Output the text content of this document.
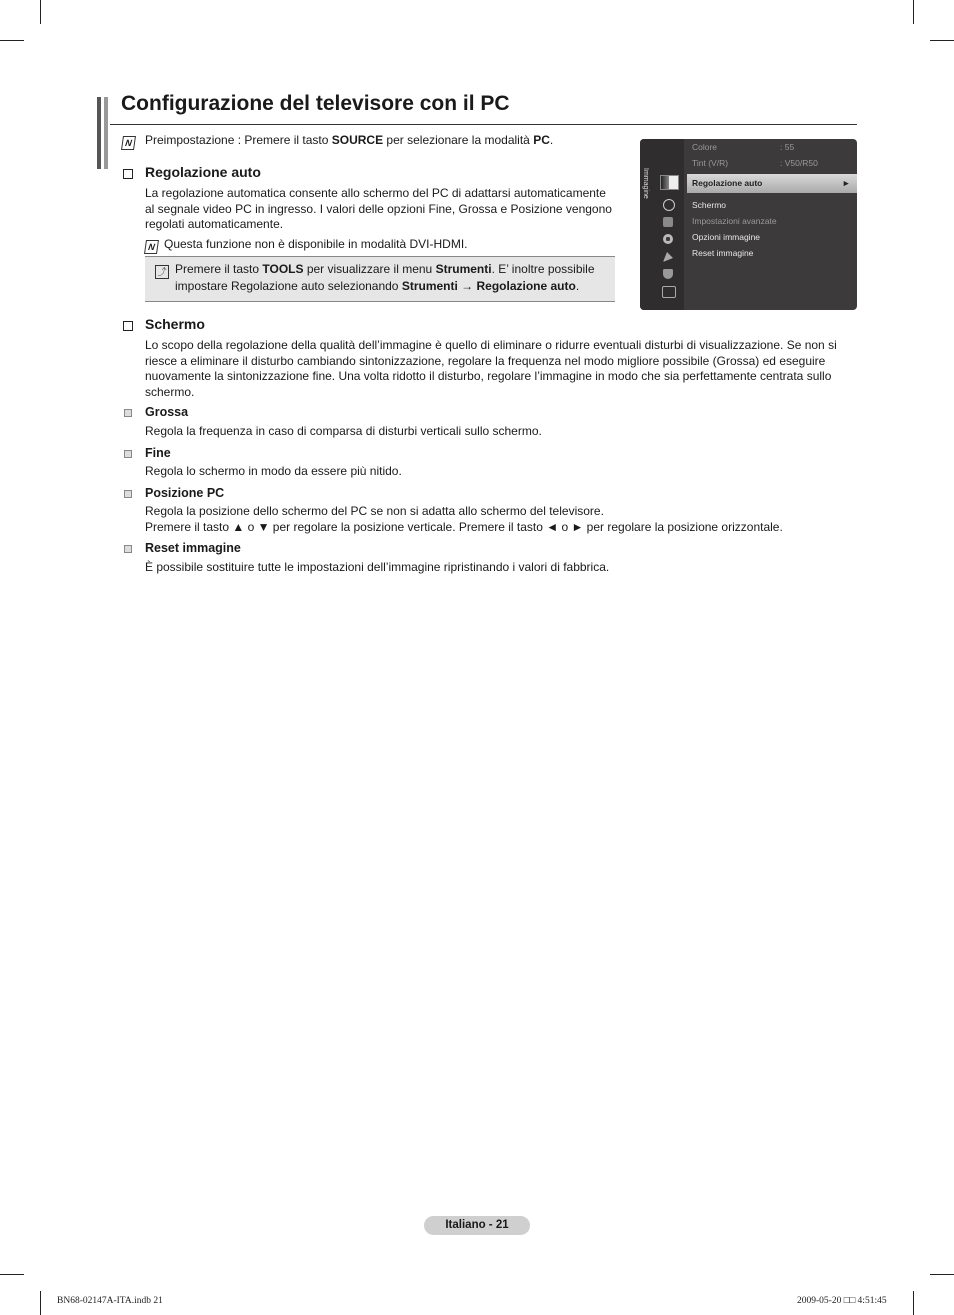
Configurazione del televisore con il PC
N Preimpostazione : Premere il tasto SOURCE per selezionare la modalità PC.
Regolazione auto
La regolazione automatica consente allo schermo del PC di adattarsi automaticamente
al segnale video PC in ingresso. I valori delle opzioni Fine, Grossa e Posizione vengono
regolati automaticamente.
N Questa funzione non è disponibile in modalità DVI-HDMI.
⤴ Premere il tasto TOOLS per visualizzare il menu Strumenti. E’ inoltre possibile
impostare Regolazione auto selezionando Strumenti → Regolazione auto.
Immagine
Colore	: 55
Tint (V/R)	: V50/R50
Regolazione auto	►
Schermo
Impostazioni avanzate
Opzioni immagine
Reset immagine
Schermo
Lo scopo della regolazione della qualità dell’immagine è quello di eliminare o ridurre eventuali disturbi di visualizzazione. Se non si
riesce a eliminare il disturbo cambiando sintonizzazione, regolare la frequenza nel modo migliore possibile (Grossa) ed eseguire
nuovamente la sintonizzazione fine. Una volta ridotto il disturbo, regolare l’immagine in modo che sia perfettamente centrata sullo
schermo.
Grossa
Regola la frequenza in caso di comparsa di disturbi verticali sullo schermo.
Fine
Regola lo schermo in modo da essere più nitido.
Posizione PC
Regola la posizione dello schermo del PC se non si adatta allo schermo del televisore.
Premere il tasto ▲ o ▼ per regolare la posizione verticale. Premere il tasto ◄ o ► per regolare la posizione orizzontale.
Reset immagine
È possibile sostituire tutte le impostazioni dell’immagine ripristinando i valori di fabbrica.
Italiano - 21
BN68-02147A-ITA.indb 21	2009-05-20 □□ 4:51:45
